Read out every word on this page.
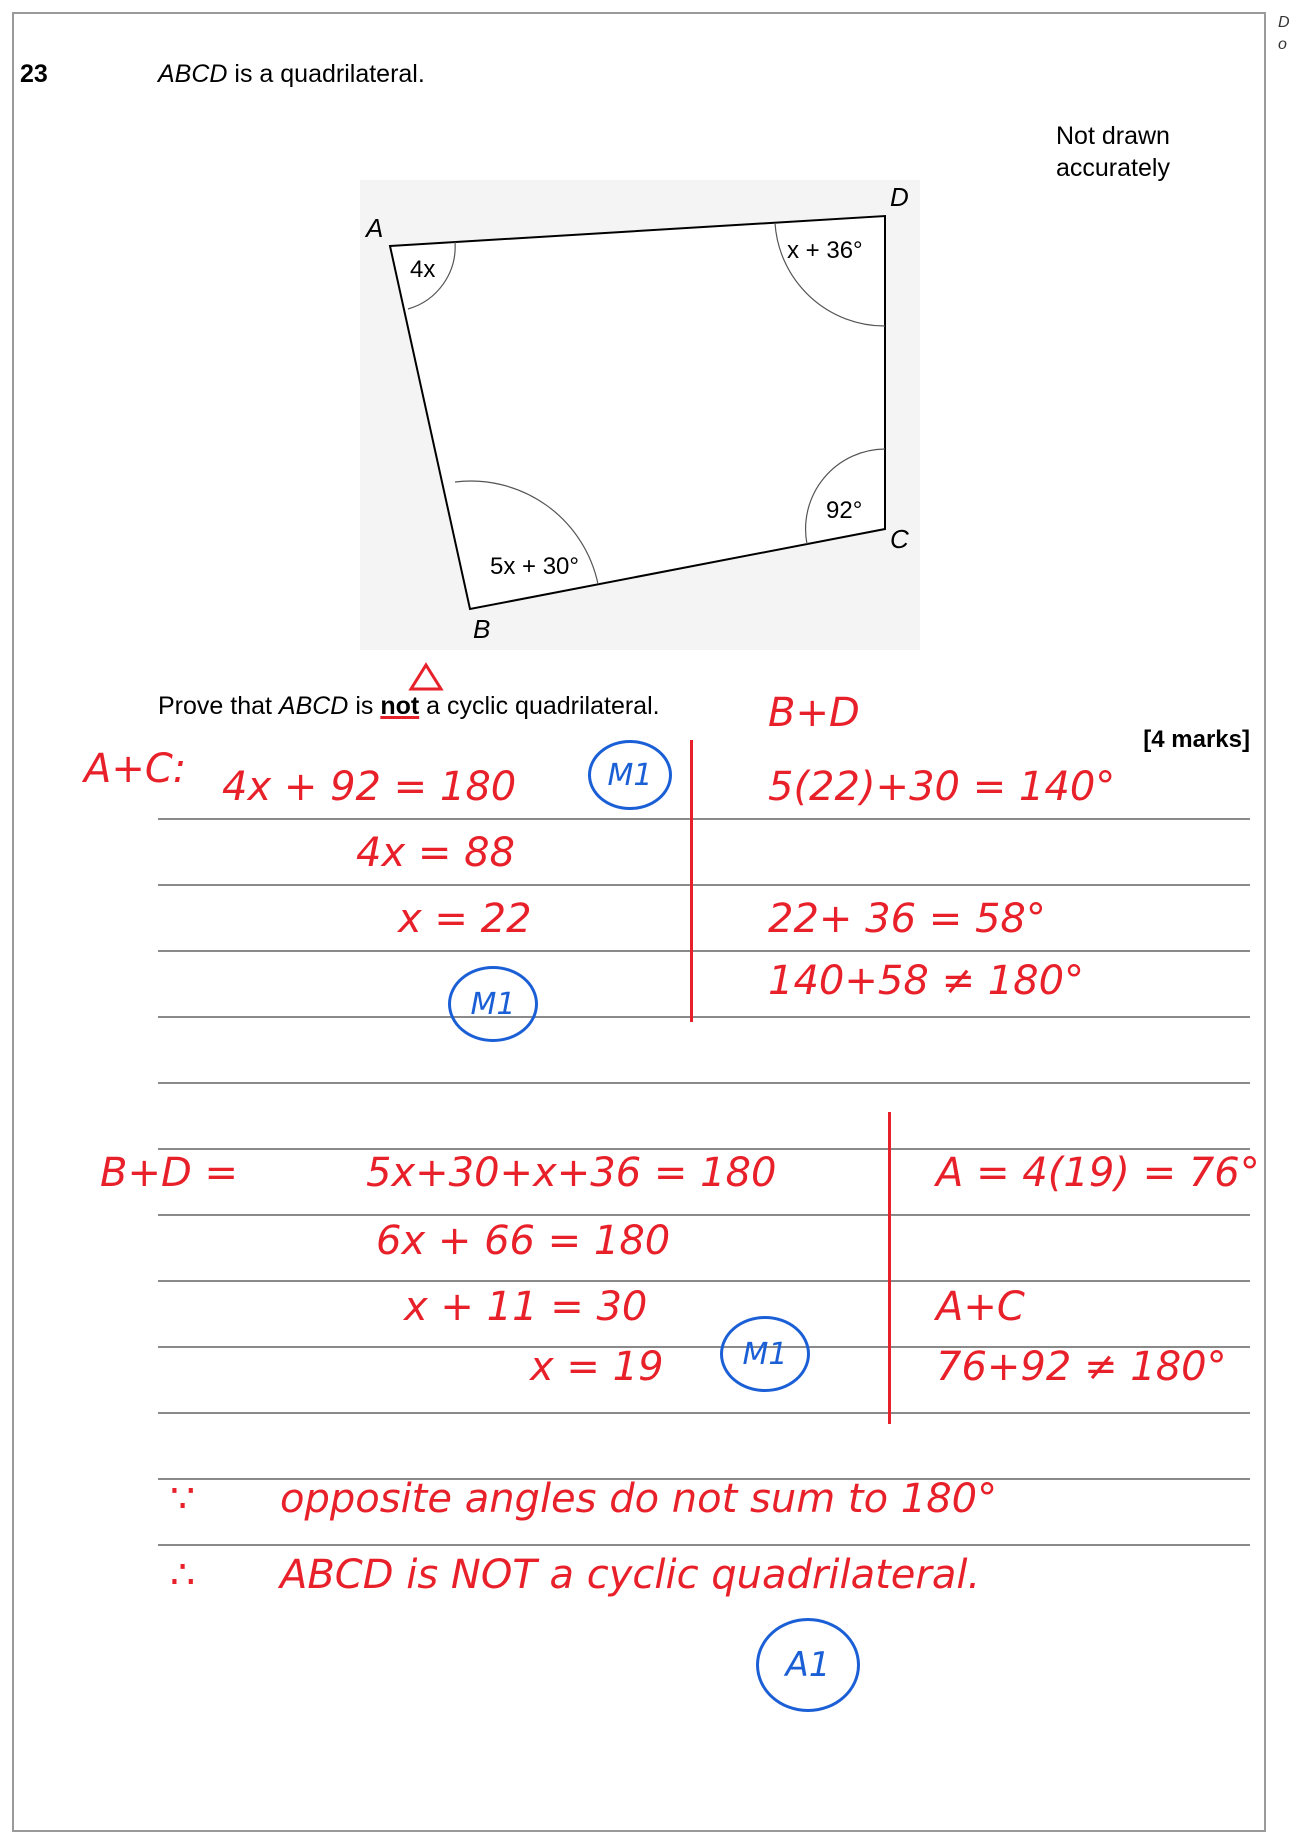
D
o
23	ABCD is a quadrilateral.
Not drawn
accurately
A
D
C
B
4x
x + 36°
92°
5x + 30°
Prove that ABCD is not a cyclic quadrilateral.
[4 marks]
A+C: 4x + 92 = 180
4x = 88
x = 22
B+D
5(22)+30 = 140°
22+ 36 = 58°
140+58 ≠ 180°
B+D =	5x+30+x+36 = 180
6x + 66 = 180
x + 11 = 30
x = 19
A = 4(19) = 76°
A+C
76+92 ≠ 180°
∵ opposite angles do not sum to 180°
∴ ABCD is NOT a cyclic quadrilateral.
M1
M1
M1
A1
